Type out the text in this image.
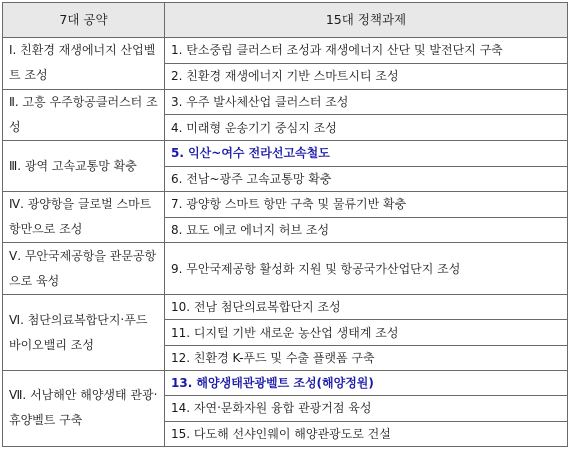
7대 공약	15대 정책과제
Ⅰ. 친환경 재생에너지 산업벨트 조성	1. 탄소중립 클러스터 조성과 재생에너지 산단 및 발전단지 구축
	2. 친환경 재생에너지 기반 스마트시티 조성
Ⅱ. 고흥 우주항공클러스터 조성	3. 우주 발사체산업 클러스터 조성
	4. 미래형 운송기기 중심지 조성
Ⅲ. 광역 고속교통망 확충	5. 익산~여수 전라선고속철도
	6. 전남~광주 고속교통망 확충
Ⅳ. 광양항을 글로벌 스마트항만으로 조성	7. 광양항 스마트 항만 구축 및 물류기반 확충
	8. 묘도 에코 에너지 허브 조성
Ⅴ. 무안국제공항을 관문공항으로 육성	9. 무안국제공항 활성화 지원 및 항공국가산업단지 조성
Ⅵ. 첨단의료복합단지‧푸드바이오밸리 조성	10. 전남 첨단의료복합단지 조성
	11. 디지털 기반 새로운 농산업 생태계 조성
	12. 친환경 K-푸드 및 수출 플랫폼 구축
Ⅶ. 서남해안 해양생태 관광‧휴양벨트 구축	13. 해양생태관광벨트 조성(해양정원)
	14. 자연‧문화자원 융합 관광거점 육성
	15. 다도해 선샤인웨이 해양관광도로 건설
